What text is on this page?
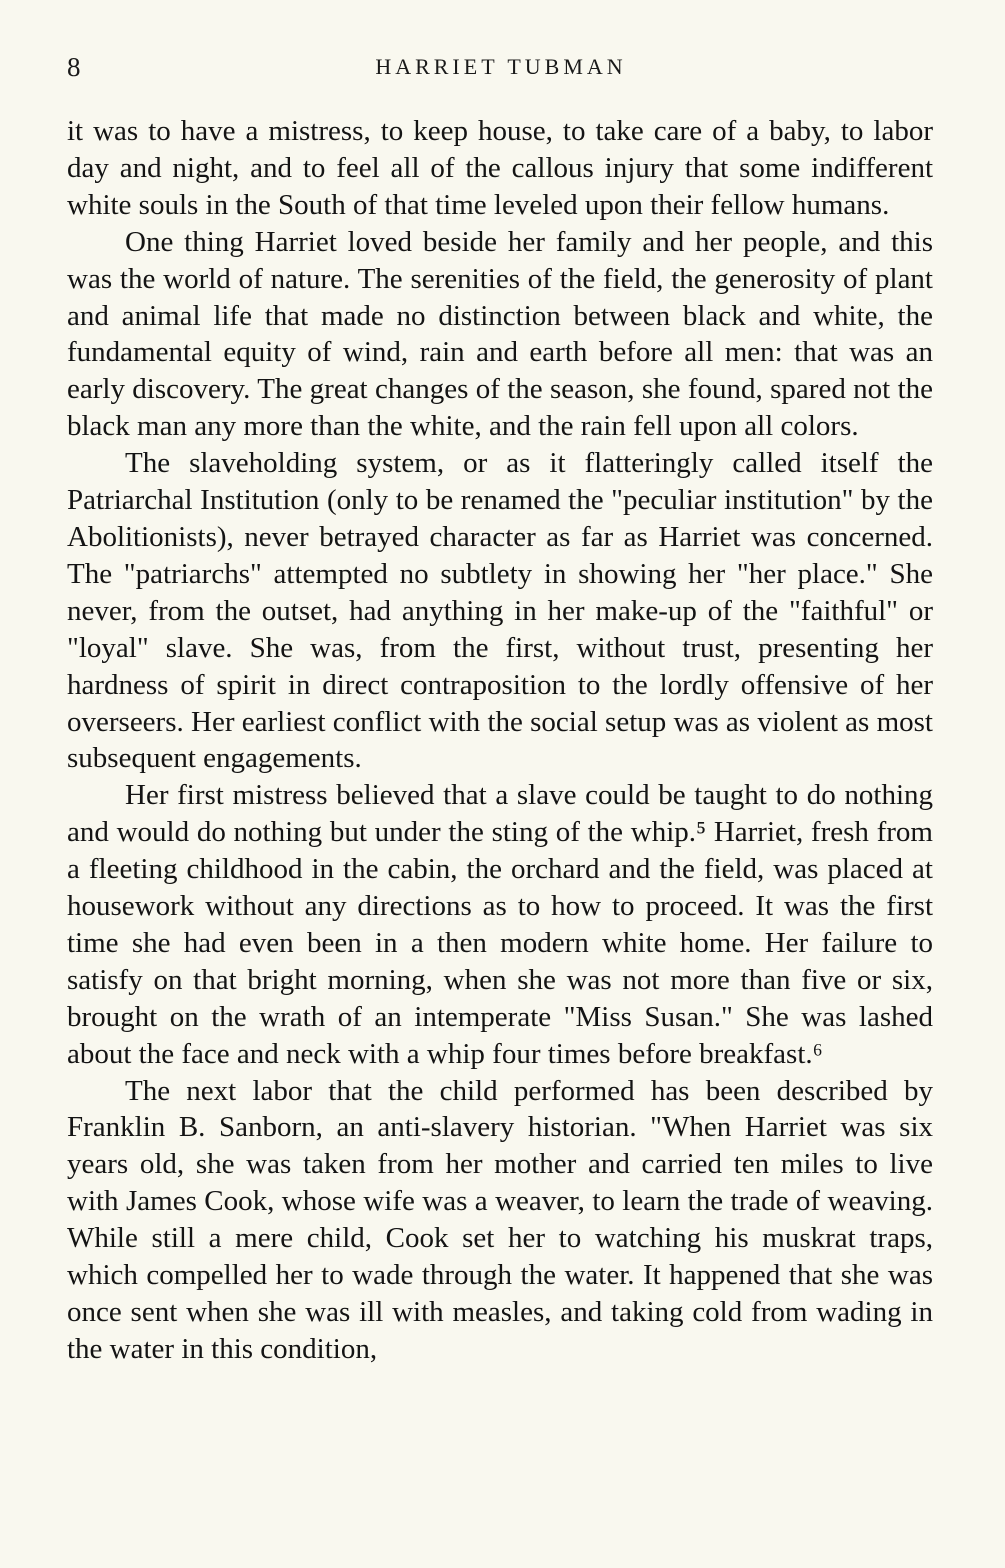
8	HARRIET TUBMAN

it was to have a mistress, to keep house, to take care of a baby, to labor day and night, and to feel all of the callous injury that some indifferent white souls in the South of that time leveled upon their fellow humans.

One thing Harriet loved beside her family and her people, and this was the world of nature. The serenities of the field, the generosity of plant and animal life that made no distinction between black and white, the fundamental equity of wind, rain and earth before all men: that was an early discovery. The great changes of the season, she found, spared not the black man any more than the white, and the rain fell upon all colors.

The slaveholding system, or as it flatteringly called itself the Patriarchal Institution (only to be renamed the "peculiar institution" by the Abolitionists), never betrayed character as far as Harriet was concerned. The "patriarchs" attempted no subtlety in showing her "her place." She never, from the outset, had anything in her make-up of the "faithful" or "loyal" slave. She was, from the first, without trust, presenting her hardness of spirit in direct contraposition to the lordly offensive of her overseers. Her earliest conflict with the social setup was as violent as most subsequent engagements.

Her first mistress believed that a slave could be taught to do nothing and would do nothing but under the sting of the whip.⁵ Harriet, fresh from a fleeting childhood in the cabin, the orchard and the field, was placed at housework without any directions as to how to proceed. It was the first time she had even been in a then modern white home. Her failure to satisfy on that bright morning, when she was not more than five or six, brought on the wrath of an intemperate "Miss Susan." She was lashed about the face and neck with a whip four times before breakfast.⁶

The next labor that the child performed has been described by Franklin B. Sanborn, an anti-slavery historian. "When Harriet was six years old, she was taken from her mother and carried ten miles to live with James Cook, whose wife was a weaver, to learn the trade of weaving. While still a mere child, Cook set her to watching his muskrat traps, which compelled her to wade through the water. It happened that she was once sent when she was ill with measles, and taking cold from wading in the water in this condition,
